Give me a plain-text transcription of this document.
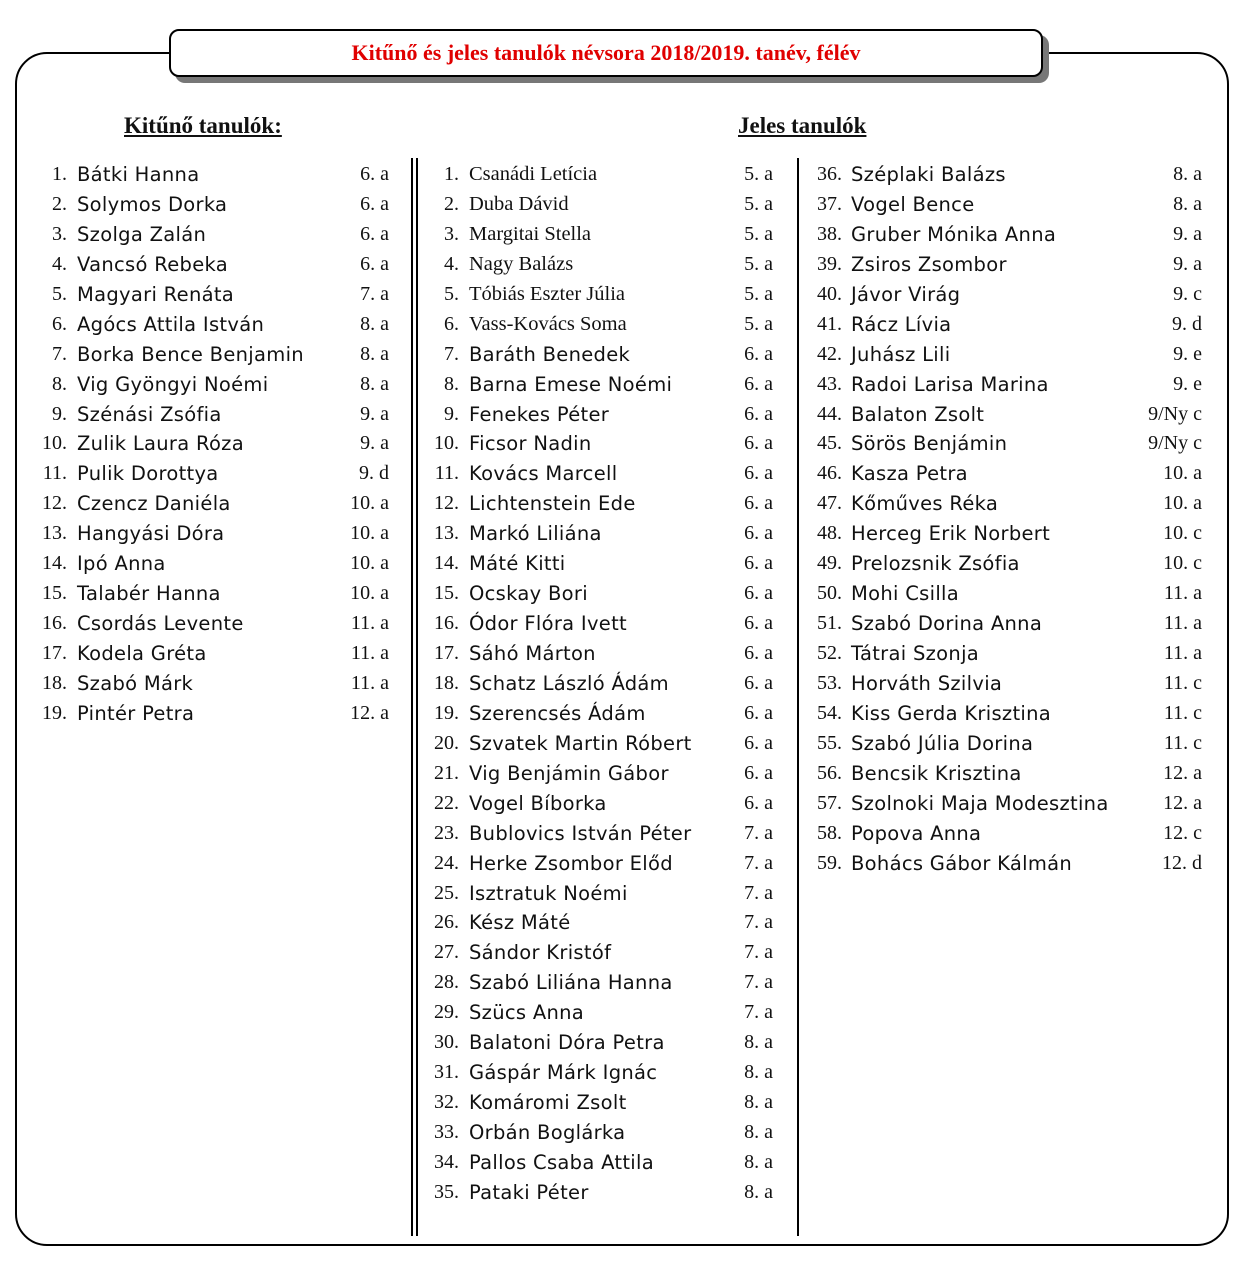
Kitűnő és jeles tanulók névsora 2018/2019. tanév, félév
Kitűnő tanulók:	Jeles tanulók
1. Bátki Hanna	6. a
2. Solymos Dorka	6. a
3. Szolga Zalán	6. a
4. Vancsó Rebeka	6. a
5. Magyari Renáta	7. a
6. Agócs Attila István	8. a
7. Borka Bence Benjamin	8. a
8. Vig Gyöngyi Noémi	8. a
9. Szénási Zsófia	9. a
10. Zulik Laura Róza	9. a
11. Pulik Dorottya	9. d
12. Czencz Daniéla	10. a
13. Hangyási Dóra	10. a
14. Ipó Anna	10. a
15. Talabér Hanna	10. a
16. Csordás Levente	11. a
17. Kodela Gréta	11. a
18. Szabó Márk	11. a
19. Pintér Petra	12. a
1. Csanádi Letícia	5. a
2. Duba Dávid	5. a
3. Margitai Stella	5. a
4. Nagy Balázs	5. a
5. Tóbiás Eszter Júlia	5. a
6. Vass-Kovács Soma	5. a
7. Baráth Benedek	6. a
8. Barna Emese Noémi	6. a
9. Fenekes Péter	6. a
10. Ficsor Nadin	6. a
11. Kovács Marcell	6. a
12. Lichtenstein Ede	6. a
13. Markó Liliána	6. a
14. Máté Kitti	6. a
15. Ocskay Bori	6. a
16. Ódor Flóra Ivett	6. a
17. Sáhó Márton	6. a
18. Schatz László Ádám	6. a
19. Szerencsés Ádám	6. a
20. Szvatek Martin Róbert	6. a
21. Vig Benjámin Gábor	6. a
22. Vogel Bíborka	6. a
23. Bublovics István Péter	7. a
24. Herke Zsombor Előd	7. a
25. Isztratuk Noémi	7. a
26. Kész Máté	7. a
27. Sándor Kristóf	7. a
28. Szabó Liliána Hanna	7. a
29. Szücs Anna	7. a
30. Balatoni Dóra Petra	8. a
31. Gáspár Márk Ignác	8. a
32. Komáromi Zsolt	8. a
33. Orbán Boglárka	8. a
34. Pallos Csaba Attila	8. a
35. Pataki Péter	8. a
36. Széplaki Balázs	8. a
37. Vogel Bence	8. a
38. Gruber Mónika Anna	9. a
39. Zsiros Zsombor	9. a
40. Jávor Virág	9. c
41. Rácz Lívia	9. d
42. Juhász Lili	9. e
43. Radoi Larisa Marina	9. e
44. Balaton Zsolt	9/Ny c
45. Sörös Benjámin	9/Ny c
46. Kasza Petra	10. a
47. Kőműves Réka	10. a
48. Herceg Erik Norbert	10. c
49. Prelozsnik Zsófia	10. c
50. Mohi Csilla	11. a
51. Szabó Dorina Anna	11. a
52. Tátrai Szonja	11. a
53. Horváth Szilvia	11. c
54. Kiss Gerda Krisztina	11. c
55. Szabó Júlia Dorina	11. c
56. Bencsik Krisztina	12. a
57. Szolnoki Maja Modesztina	12. a
58. Popova Anna	12. c
59. Bohács Gábor Kálmán	12. d
